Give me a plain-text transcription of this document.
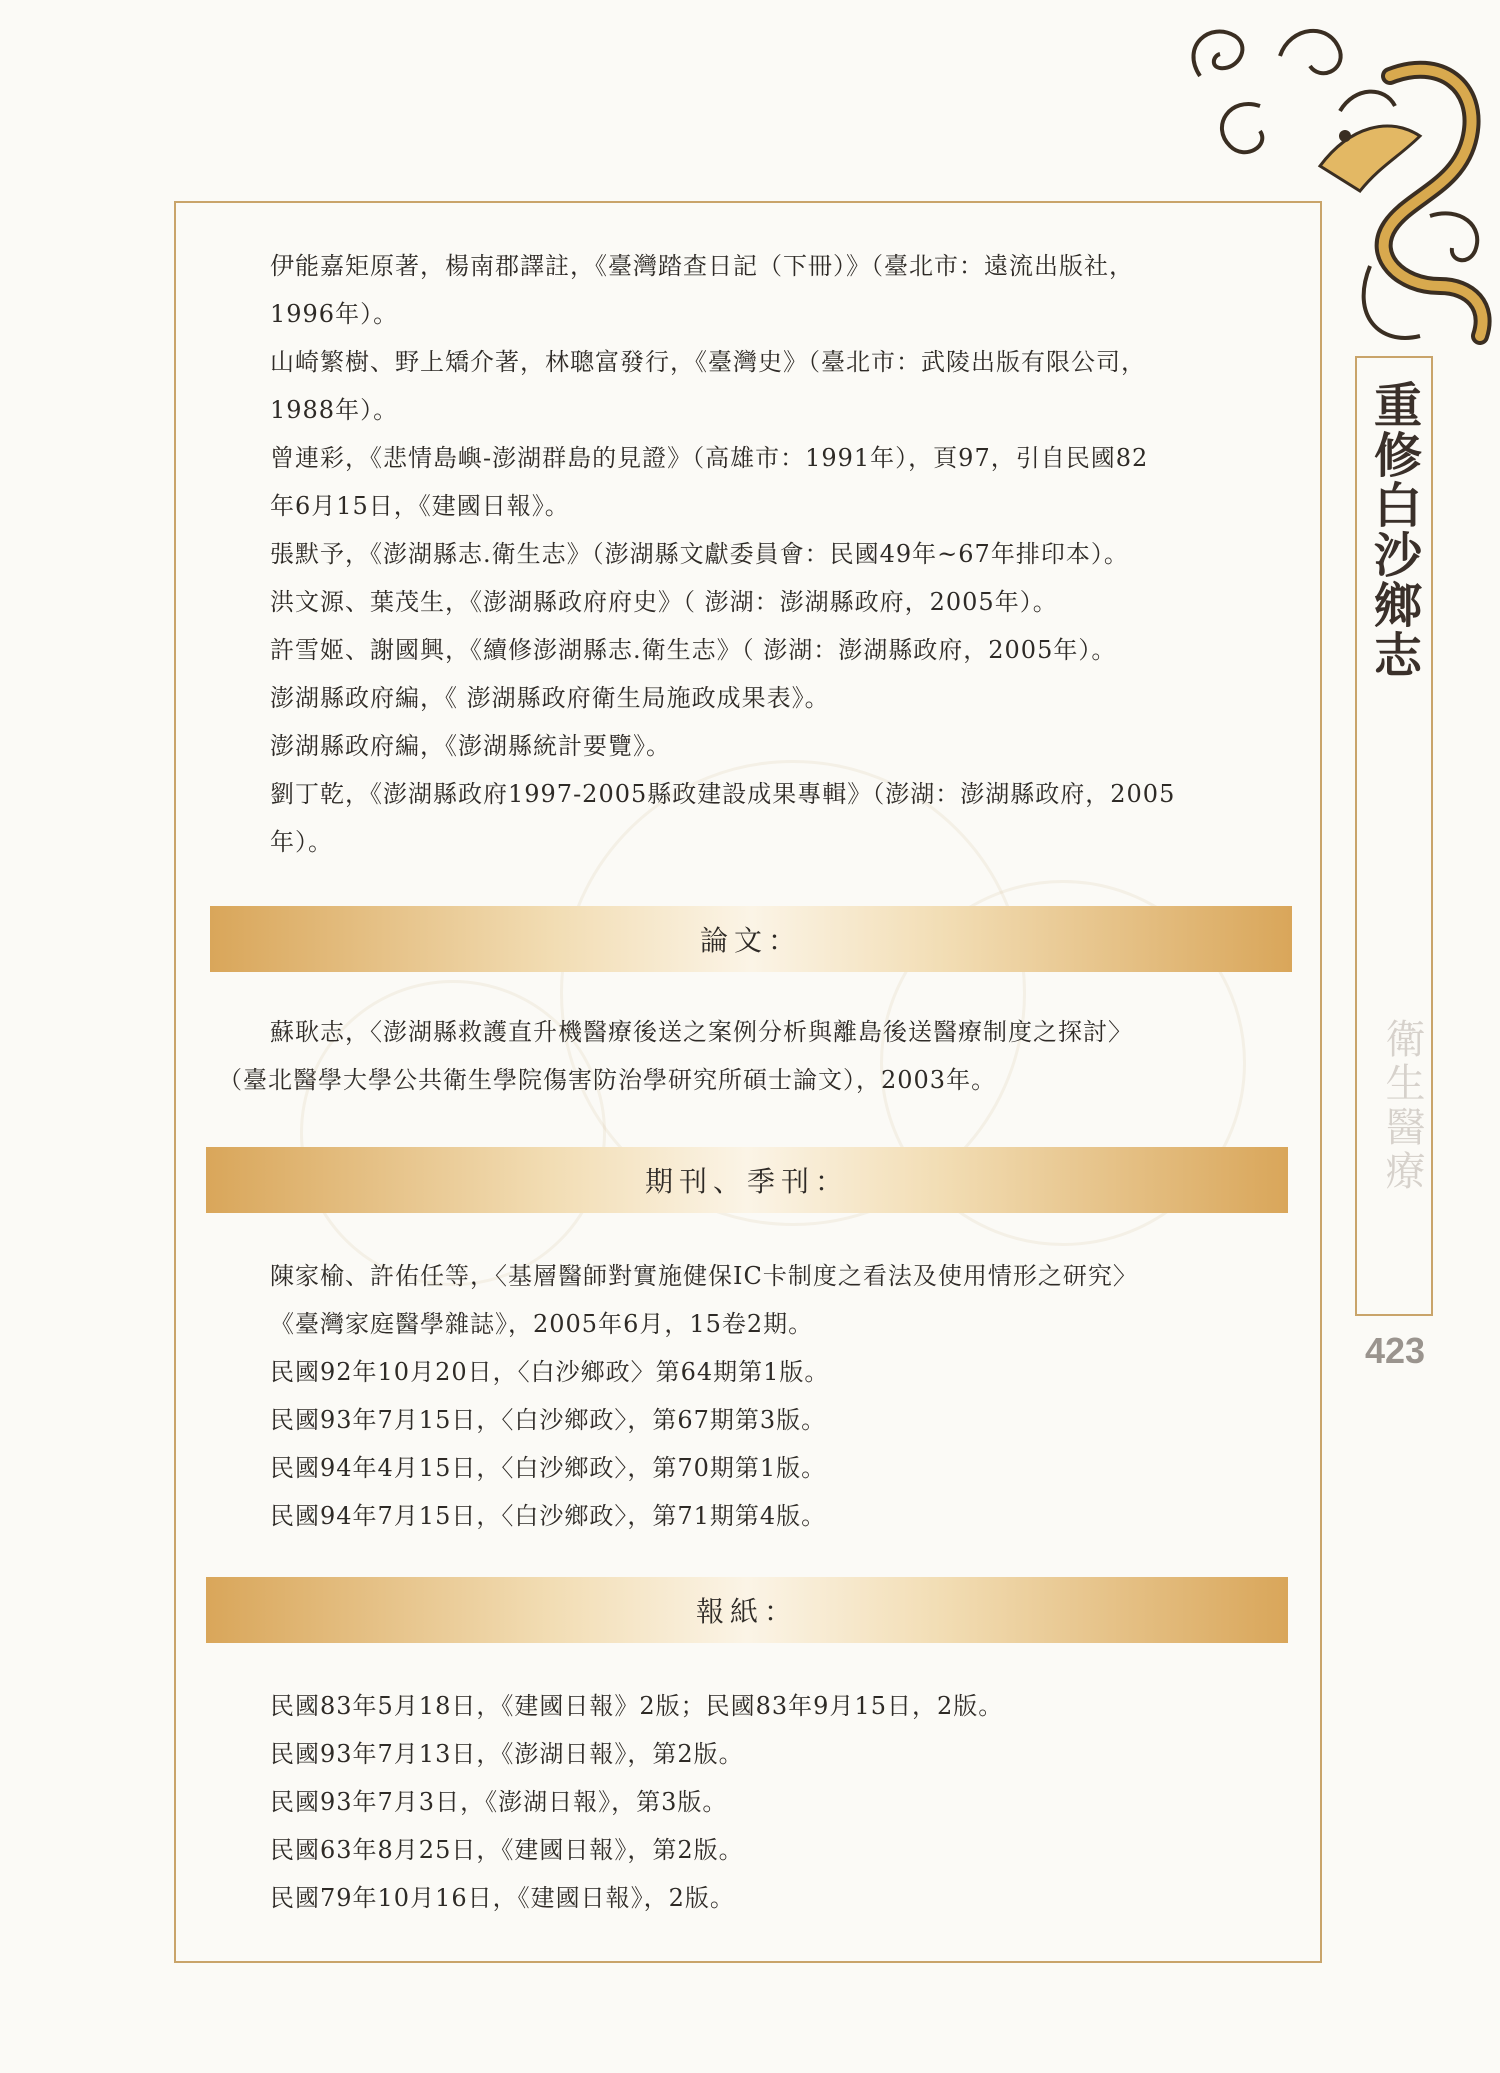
重修白沙鄉志
衛生醫療
423
伊能嘉矩原著，楊南郡譯註，《臺灣踏查日記（下冊）》（臺北市：遠流出版社，
1996年）。
山崎繁樹、野上矯介著，林聰富發行，《臺灣史》（臺北市：武陵出版有限公司，
1988年）。
曾連彩，《悲情島嶼-澎湖群島的見證》（高雄市：1991年），頁97，引自民國82
年6月15日，《建國日報》。
張默予，《澎湖縣志.衛生志》（澎湖縣文獻委員會：民國49年~67年排印本）。
洪文源、葉茂生，《澎湖縣政府府史》（ 澎湖：澎湖縣政府，2005年）。
許雪姬、謝國興，《續修澎湖縣志.衛生志》（ 澎湖：澎湖縣政府，2005年）。
澎湖縣政府編，《 澎湖縣政府衛生局施政成果表》。
澎湖縣政府編，《澎湖縣統計要覽》。
劉丁乾，《澎湖縣政府1997-2005縣政建設成果專輯》（澎湖：澎湖縣政府，2005
年）。
論文：
蘇耿志，〈澎湖縣救護直升機醫療後送之案例分析與離島後送醫療制度之探討〉
（臺北醫學大學公共衛生學院傷害防治學研究所碩士論文），2003年。
期刊、季刊：
陳家榆、許佑任等，〈基層醫師對實施健保IC卡制度之看法及使用情形之研究〉
《臺灣家庭醫學雜誌》，2005年6月，15卷2期。
民國92年10月20日，〈白沙鄉政〉第64期第1版。
民國93年7月15日，〈白沙鄉政〉，第67期第3版。
民國94年4月15日，〈白沙鄉政〉，第70期第1版。
民國94年7月15日，〈白沙鄉政〉，第71期第4版。
報紙：
民國83年5月18日，《建國日報》2版；民國83年9月15日，2版。
民國93年7月13日，《澎湖日報》，第2版。
民國93年7月3日，《澎湖日報》，第3版。
民國63年8月25日，《建國日報》，第2版。
民國79年10月16日，《建國日報》，2版。
